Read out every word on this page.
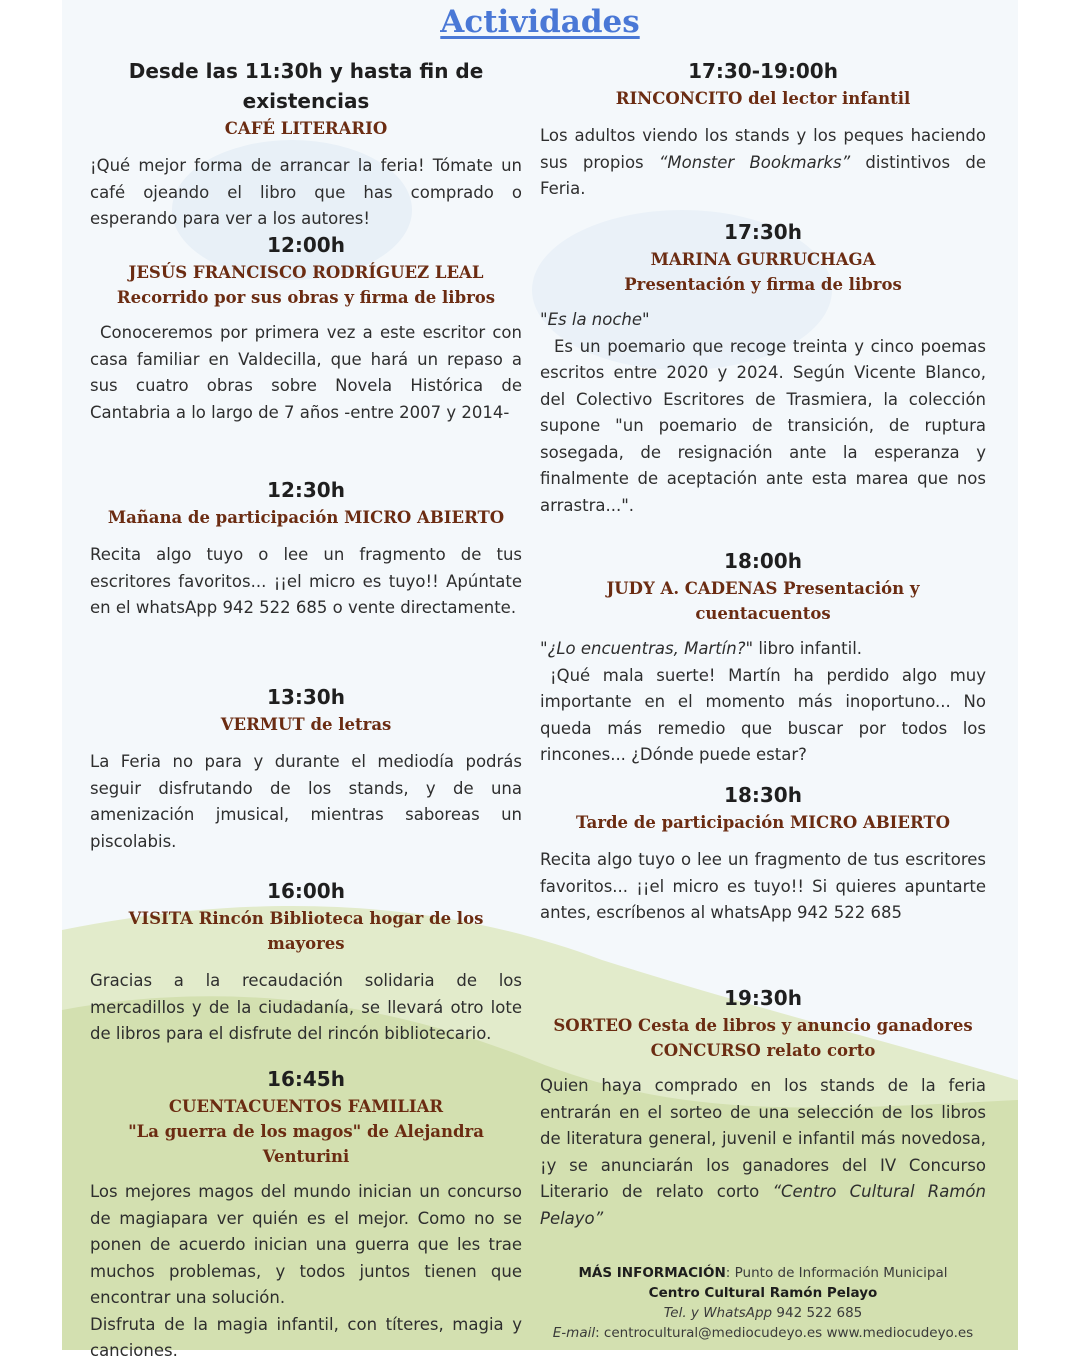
Actividades
Desde las 11:30h y hasta fin de existencias
CAFÉ LITERARIO
¡Qué mejor forma de arrancar la feria! Tómate un café ojeando el libro que has comprado o esperando para ver a los autores!
12:00h
JESÚS FRANCISCO RODRÍGUEZ LEAL
Recorrido por sus obras y firma de libros
Conoceremos por primera vez a este escritor con casa familiar en Valdecilla, que hará un repaso a sus cuatro obras sobre Novela Histórica de Cantabria a lo largo de 7 años -entre 2007 y 2014-
12:30h
Mañana de participación MICRO ABIERTO
Recita algo tuyo o lee un fragmento de tus escritores favoritos... ¡¡el micro es tuyo!! Apúntate en el whatsApp 942 522 685 o vente directamente.
13:30h
VERMUT de letras
La Feria no para y durante el mediodía podrás seguir disfrutando de los stands, y de una amenización jmusical, mientras saboreas un piscolabis.
16:00h
VISITA Rincón Biblioteca hogar de los mayores
Gracias a la recaudación solidaria de los mercadillos y de la ciudadanía, se llevará otro lote de libros para el disfrute del rincón bibliotecario.
16:45h
CUENTACUENTOS FAMILIAR
"La guerra de los magos" de Alejandra Venturini
Los mejores magos del mundo inician un concurso de magiapara ver quién es el mejor. Como no se ponen de acuerdo inician una guerra que les trae muchos problemas, y todos juntos tienen que encontrar una solución.
Disfruta de la magia infantil, con títeres, magia y canciones.
17:30-19:00h
RINCONCITO del lector infantil
Los adultos viendo los stands y los peques haciendo sus propios “Monster Bookmarks” distintivos de Feria.
17:30h
MARINA GURRUCHAGA
Presentación y firma de libros
"Es la noche"
Es un poemario que recoge treinta y cinco poemas escritos entre 2020 y 2024. Según Vicente Blanco, del Colectivo Escritores de Trasmiera, la colección supone "un poemario de transición, de ruptura sosegada, de resignación ante la esperanza y finalmente de aceptación ante esta marea que nos arrastra...".
18:00h
JUDY A. CADENAS Presentación y cuentacuentos
"¿Lo encuentras, Martín?" libro infantil.
¡Qué mala suerte! Martín ha perdido algo muy importante en el momento más inoportuno... No queda más remedio que buscar por todos los rincones... ¿Dónde puede estar?
18:30h
Tarde de participación MICRO ABIERTO
Recita algo tuyo o lee un fragmento de tus escritores favoritos... ¡¡el micro es tuyo!! Si quieres apuntarte antes, escríbenos al whatsApp 942 522 685
19:30h
SORTEO Cesta de libros y anuncio ganadores
CONCURSO relato corto
Quien haya comprado en los stands de la feria entrarán en el sorteo de una selección de los libros de literatura general, juvenil e infantil más novedosa, ¡y se anunciarán los ganadores del IV Concurso Literario de relato corto “Centro Cultural Ramón Pelayo”
MÁS INFORMACIÓN: Punto de Información Municipal
Centro Cultural Ramón Pelayo
Tel. y WhatsApp 942 522 685
E-mail: centrocultural@mediocudeyo.es www.mediocudeyo.es
